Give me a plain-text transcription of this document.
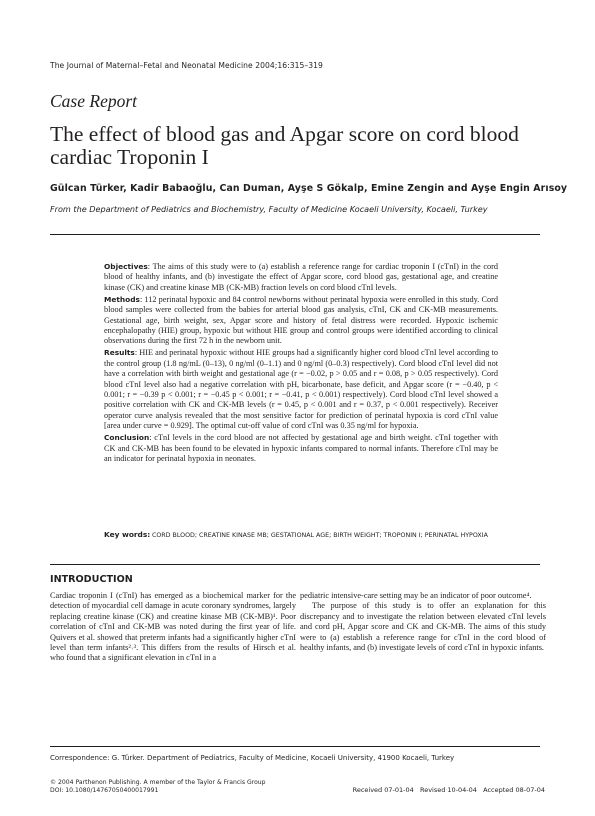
The Journal of Maternal–Fetal and Neonatal Medicine 2004;16:315–319
Case Report
The effect of blood gas and Apgar score on cord blood cardiac Troponin I
Gülcan Türker, Kadir Babaoğlu, Can Duman, Ayşe S Gökalp, Emine Zengin and Ayşe Engin Arısoy
From the Department of Pediatrics and Biochemistry, Faculty of Medicine Kocaeli University, Kocaeli, Turkey

Objectives: The aims of this study were to (a) establish a reference range for cardiac troponin I (cTnI) in the cord blood of healthy infants, and (b) investigate the effect of Apgar score, cord blood gas, gestational age, and creatine kinase (CK) and creatine kinase MB (CK-MB) fraction levels on cord blood cTnI levels.

Methods: 112 perinatal hypoxic and 84 control newborns without perinatal hypoxia were enrolled in this study. Cord blood samples were collected from the babies for arterial blood gas analysis, cTnI, CK and CK-MB measurements. Gestational age, birth weight, sex, Apgar score and history of fetal distress were recorded. Hypoxic ischemic encephalopathy (HIE) group, hypoxic but without HIE group and control groups were identified according to clinical observations during the first 72 h in the newborn unit.

Results: HIE and perinatal hypoxic without HIE groups had a significantly higher cord blood cTnI level according to the control group (1.8 ng/mL (0–13), 0 ng/ml (0–1.1) and 0 ng/ml (0–0.3) respectively). Cord blood cTnI level did not have a correlation with birth weight and gestational age (r = −0.02, p > 0.05 and r = 0.08, p > 0.05 respectively). Cord blood cTnI level also had a negative correlation with pH, bicarbonate, base deficit, and Apgar score (r = −0.40, p < 0.001; r = −0.39 p < 0.001; r = −0.45 p < 0.001; r = −0.41, p < 0.001) respectively). Cord blood cTnI level showed a positive correlation with CK and CK-MB levels (r = 0.45, p < 0.001 and r = 0.37, p < 0.001 respectively). Receiver operator curve analysis revealed that the most sensitive factor for prediction of perinatal hypoxia is cord cTnI value [area under curve = 0.929]. The optimal cut-off value of cord cTnI was 0.35 ng/ml for hypoxia.

Conclusion: cTnI levels in the cord blood are not affected by gestational age and birth weight. cTnI together with CK and CK-MB has been found to be elevated in hypoxic infants compared to normal infants. Therefore cTnI may be an indicator for perinatal hypoxia in neonates.

Key words: CORD BLOOD; CREATINE KINASE MB; GESTATIONAL AGE; BIRTH WEIGHT; TROPONIN I; PERINATAL HYPOXIA
INTRODUCTION

Cardiac troponin I (cTnI) has emerged as a biochemical marker for the detection of myocardial cell damage in acute coronary syndromes, largely replacing creatine kinase (CK) and creatine kinase MB (CK-MB)¹. Poor correlation of cTnI and CK-MB was noted during the first year of life. Quivers et al. showed that preterm infants had a significantly higher cTnI level than term infants²˒³. This differs from the results of Hirsch et al. who found that a significant elevation in cTnI in a

pediatric intensive-care setting may be an indicator of poor outcome⁴.

The purpose of this study is to offer an explanation for this discrepancy and to investigate the relation between elevated cTnI levels and cord pH, Apgar score and CK and CK-MB. The aims of this study were to (a) establish a reference range for cTnI in the cord blood of healthy infants, and (b) investigate levels of cord cTnI in hypoxic infants.

Correspondence: G. Türker. Department of Pediatrics, Faculty of Medicine, Kocaeli University, 41900 Kocaeli, Turkey
© 2004 Parthenon Publishing. A member of the Taylor & Francis Group
DOI: 10.1080/14767050400017991	Received 07-01-04 Revised 10-04-04 Accepted 08-07-04
